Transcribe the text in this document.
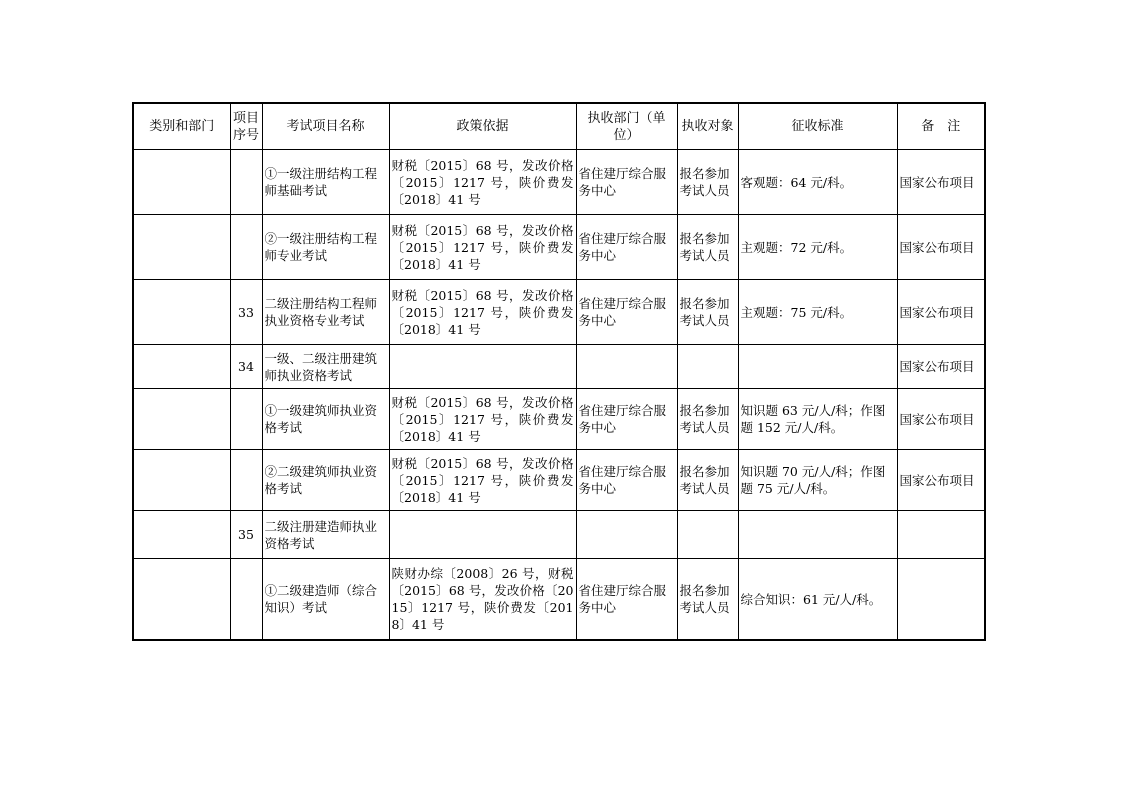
类别和部门	项目序号	考试项目名称	政策依据	执收部门（单位）	执收对象	征收标准	备　注
		①一级注册结构工程师基础考试	财税〔2015〕68 号，发改价格〔2015〕1217 号，陕价费发〔2018〕41 号	省住建厅综合服务中心	报名参加考试人员	客观题：64 元/科。	国家公布项目
		②一级注册结构工程师专业考试	财税〔2015〕68 号，发改价格〔2015〕1217 号，陕价费发〔2018〕41 号	省住建厅综合服务中心	报名参加考试人员	主观题：72 元/科。	国家公布项目
	33	二级注册结构工程师执业资格专业考试	财税〔2015〕68 号，发改价格〔2015〕1217 号，陕价费发〔2018〕41 号	省住建厅综合服务中心	报名参加考试人员	主观题：75 元/科。	国家公布项目
	34	一级、二级注册建筑师执业资格考试					国家公布项目
		①一级建筑师执业资格考试	财税〔2015〕68 号，发改价格〔2015〕1217 号，陕价费发〔2018〕41 号	省住建厅综合服务中心	报名参加考试人员	知识题 63 元/人/科；作图题 152 元/人/科。	国家公布项目
		②二级建筑师执业资格考试	财税〔2015〕68 号，发改价格〔2015〕1217 号，陕价费发〔2018〕41 号	省住建厅综合服务中心	报名参加考试人员	知识题 70 元/人/科；作图题 75 元/人/科。	国家公布项目
	35	二级注册建造师执业资格考试					
		①二级建造师（综合知识）考试	陕财办综〔2008〕26 号，财税〔2015〕68 号，发改价格〔2015〕1217 号，陕价费发〔2018〕41 号	省住建厅综合服务中心	报名参加考试人员	综合知识：61 元/人/科。	
